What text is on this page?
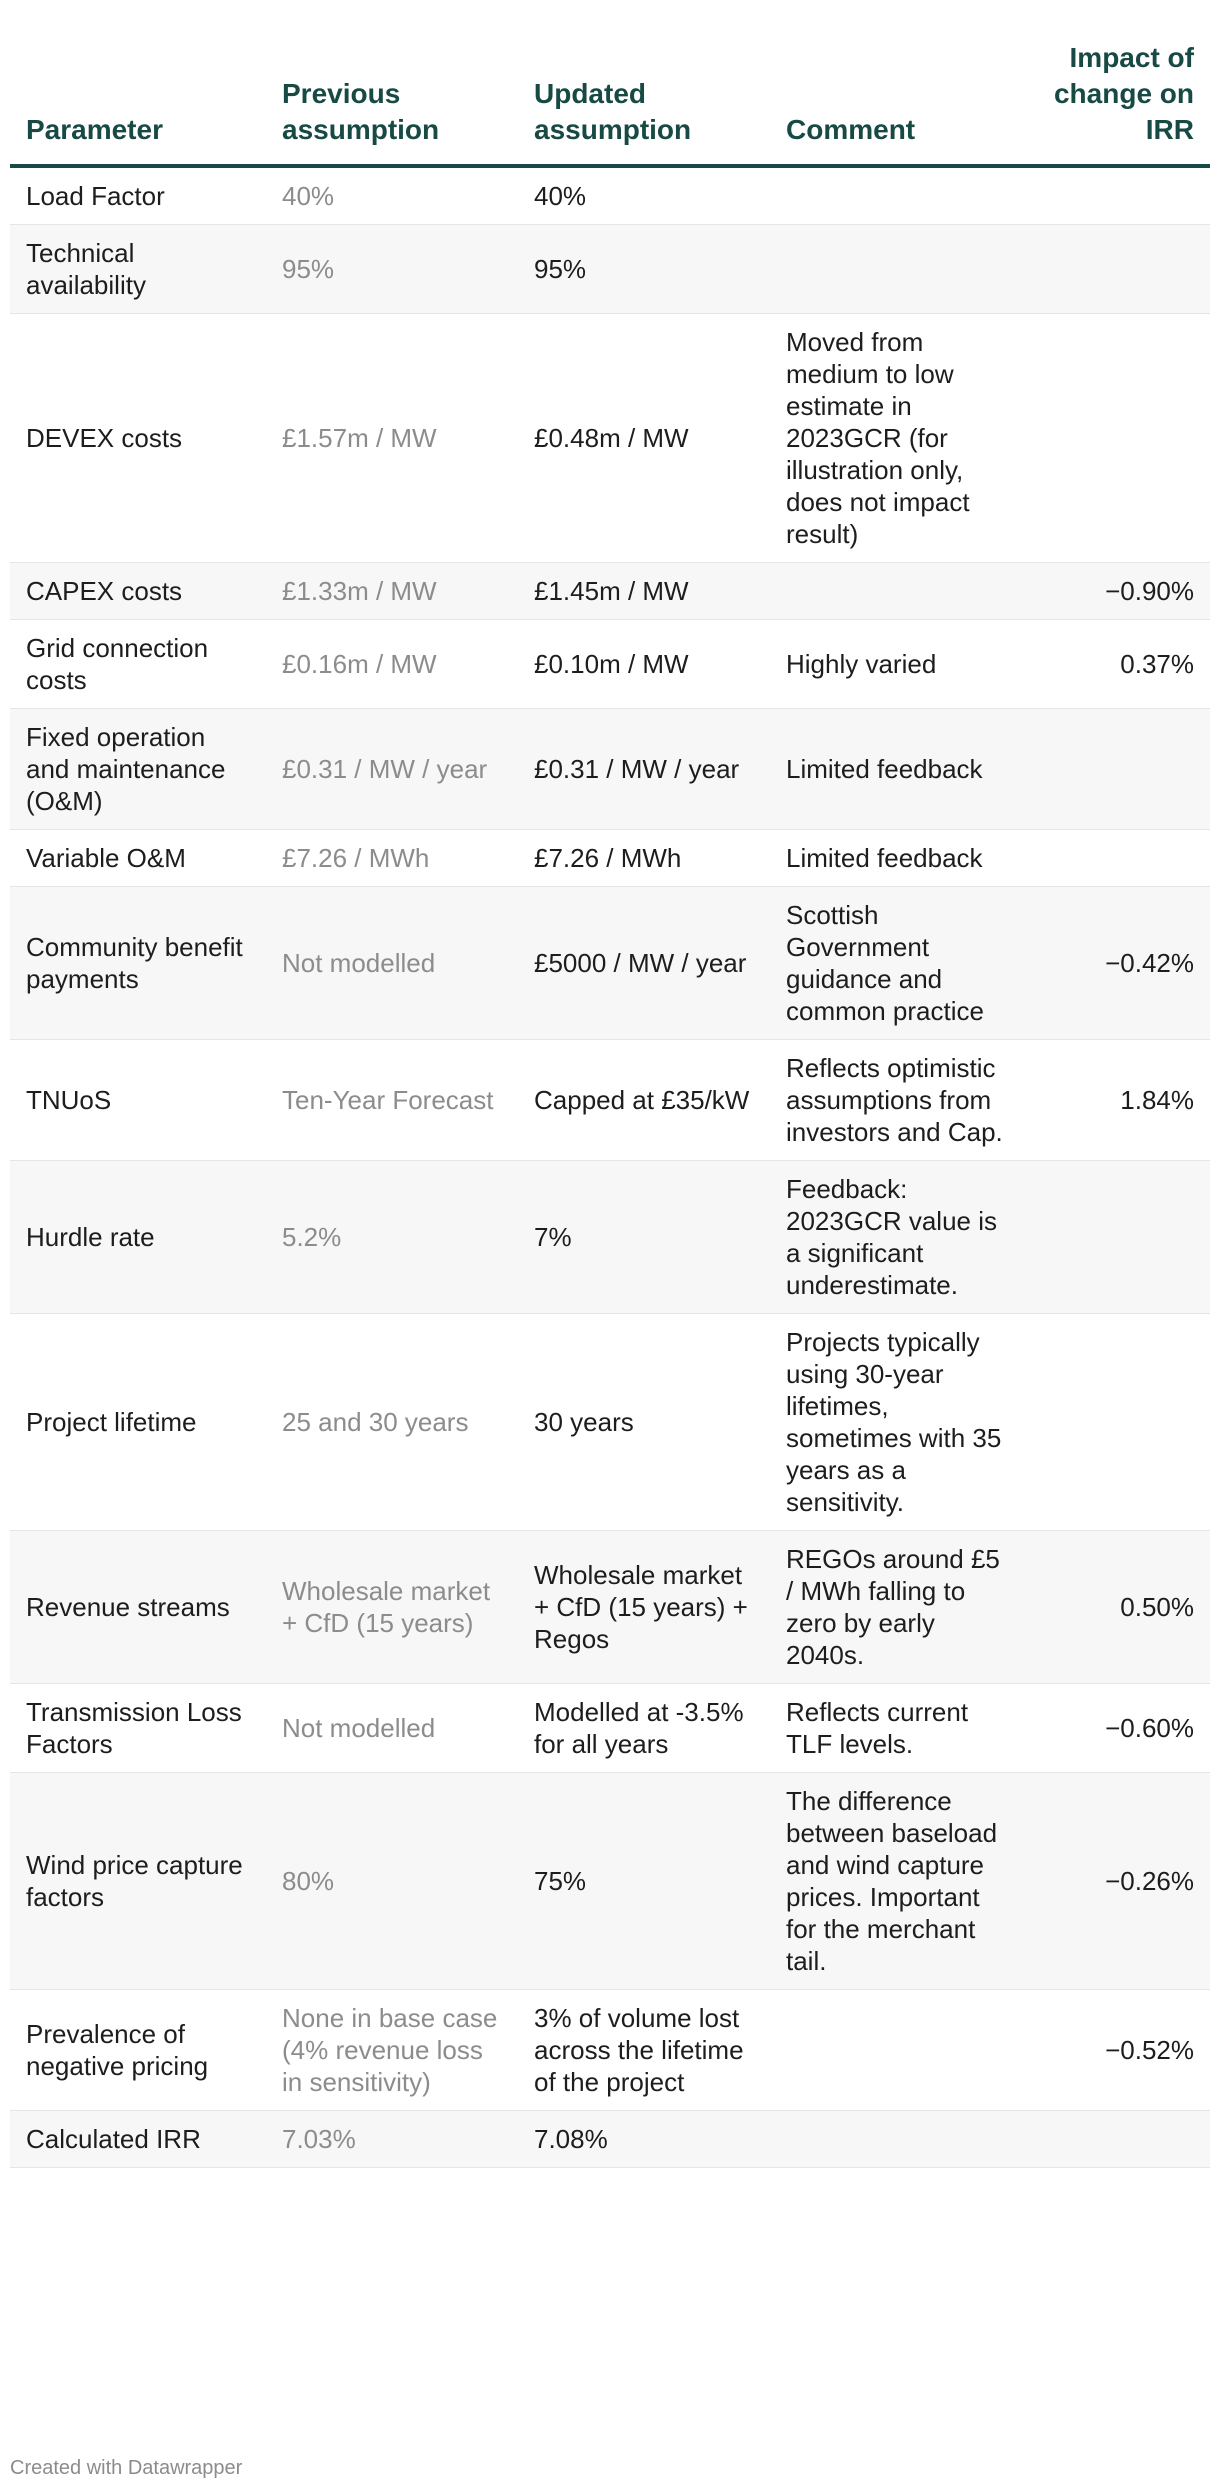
Parameter	Previous assumption	Updated assumption	Comment	Impact of change on IRR
Load Factor	40%	40%		
Technical availability	95%	95%		
DEVEX costs	£1.57m / MW	£0.48m / MW	Moved from medium to low estimate in 2023GCR (for illustration only, does not impact result)	
CAPEX costs	£1.33m / MW	£1.45m / MW		−0.90%
Grid connection costs	£0.16m / MW	£0.10m / MW	Highly varied	0.37%
Fixed operation and maintenance (O&M)	£0.31 / MW / year	£0.31 / MW / year	Limited feedback	
Variable O&M	£7.26 / MWh	£7.26 / MWh	Limited feedback	
Community benefit payments	Not modelled	£5000 / MW / year	Scottish Government guidance and common practice	−0.42%
TNUoS	Ten-Year Forecast	Capped at £35/kW	Reflects optimistic assumptions from investors and Cap.	1.84%
Hurdle rate	5.2%	7%	Feedback: 2023GCR value is a significant underestimate.	
Project lifetime	25 and 30 years	30 years	Projects typically using 30-year lifetimes, sometimes with 35 years as a sensitivity.	
Revenue streams	Wholesale market + CfD (15 years)	Wholesale market + CfD (15 years) + Regos	REGOs around £5 / MWh falling to zero by early 2040s.	0.50%
Transmission Loss Factors	Not modelled	Modelled at -3.5% for all years	Reflects current TLF levels.	−0.60%
Wind price capture factors	80%	75%	The difference between baseload and wind capture prices. Important for the merchant tail.	−0.26%
Prevalence of negative pricing	None in base case (4% revenue loss in sensitivity)	3% of volume lost across the lifetime of the project		−0.52%
Calculated IRR	7.03%	7.08%		
Created with Datawrapper
